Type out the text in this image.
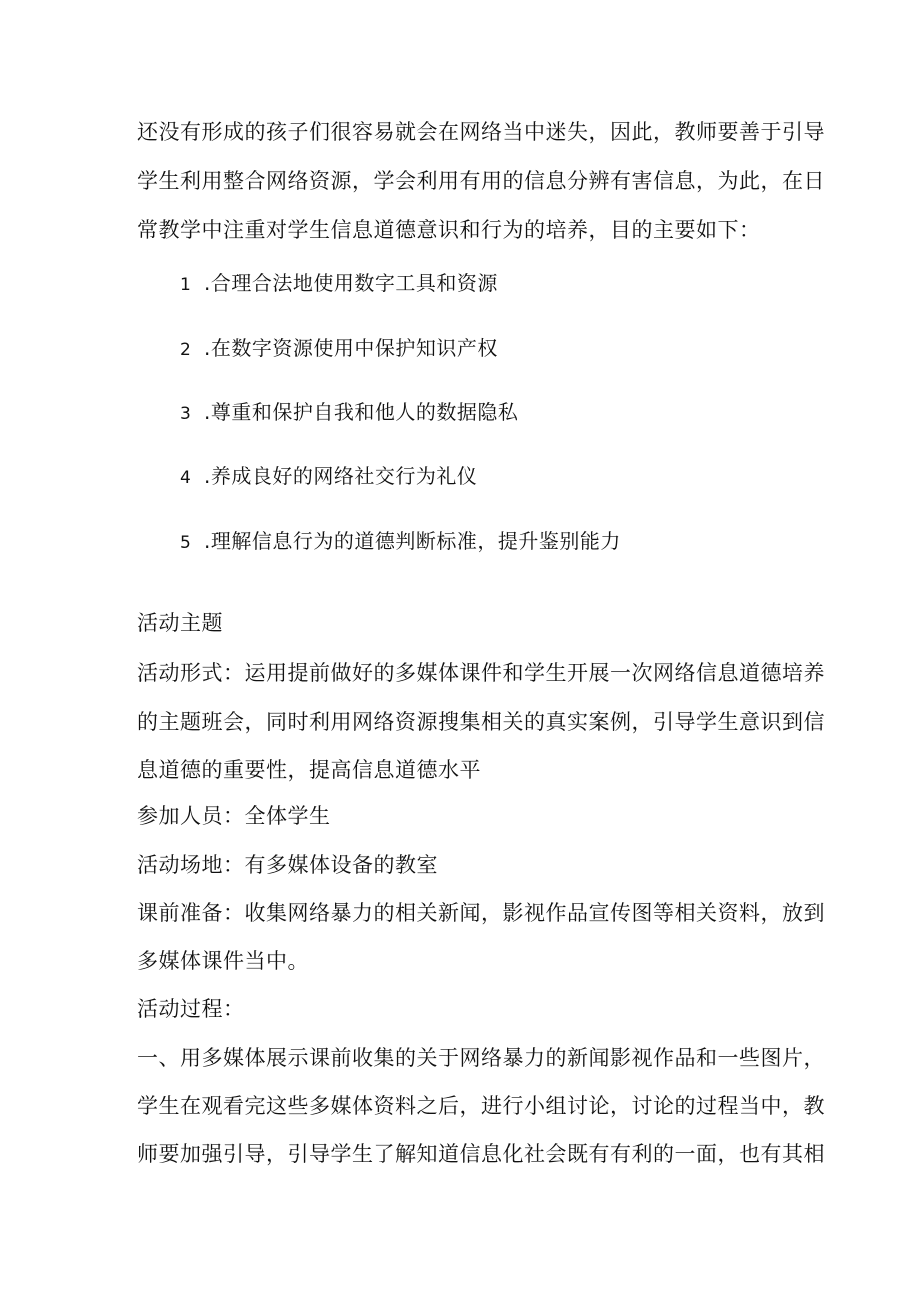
还没有形成的孩子们很容易就会在网络当中迷失，因此，教师要善于引导
学生利用整合网络资源，学会利用有用的信息分辨有害信息，为此，在日
常教学中注重对学生信息道德意识和行为的培养，目的主要如下：
1 .合理合法地使用数字工具和资源
2 .在数字资源使用中保护知识产权
3 .尊重和保护自我和他人的数据隐私
4 .养成良好的网络社交行为礼仪
5 .理解信息行为的道德判断标准，提升鉴别能力
活动主题
活动形式：运用提前做好的多媒体课件和学生开展一次网络信息道德培养
的主题班会，同时利用网络资源搜集相关的真实案例，引导学生意识到信
息道德的重要性，提高信息道德水平
参加人员：全体学生
活动场地：有多媒体设备的教室
课前准备：收集网络暴力的相关新闻，影视作品宣传图等相关资料，放到
多媒体课件当中。
活动过程：
一、用多媒体展示课前收集的关于网络暴力的新闻影视作品和一些图片，
学生在观看完这些多媒体资料之后，进行小组讨论，讨论的过程当中，教
师要加强引导，引导学生了解知道信息化社会既有有利的一面，也有其相
